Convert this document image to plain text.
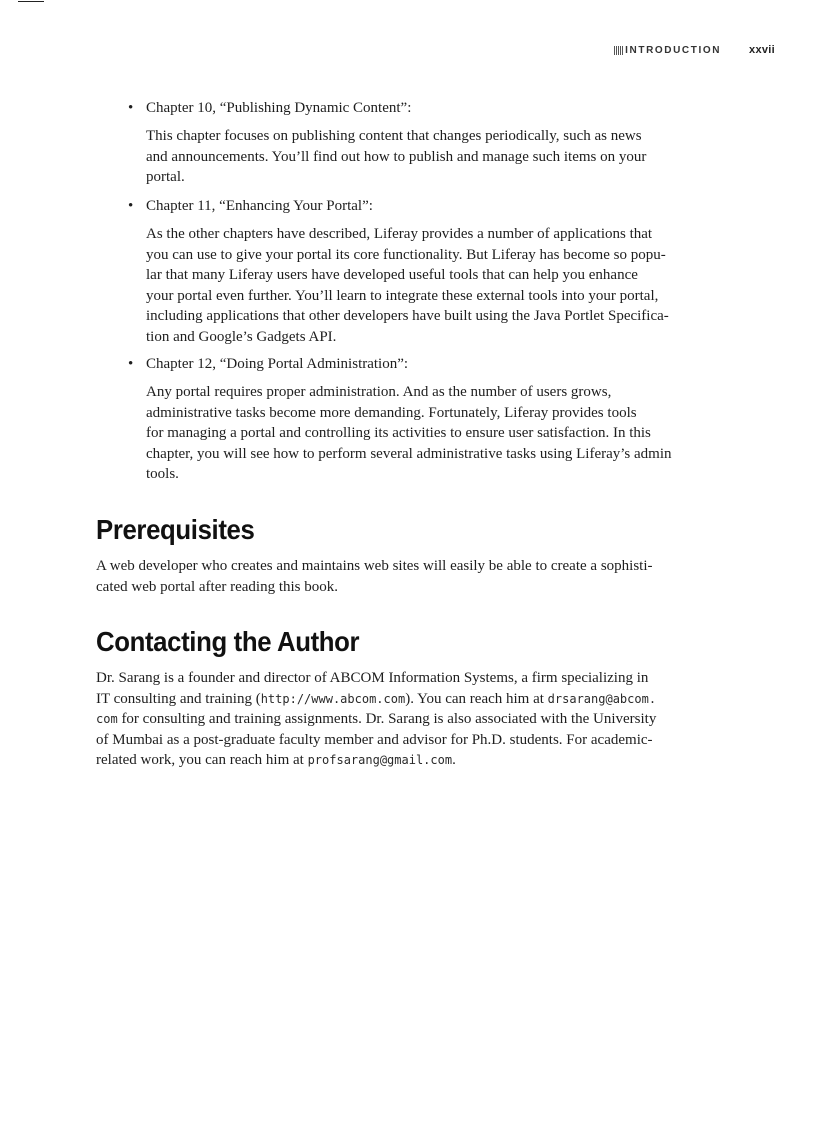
INTRODUCTION	xxvii
• Chapter 10, “Publishing Dynamic Content”:
This chapter focuses on publishing content that changes periodically, such as news
and announcements. You’ll find out how to publish and manage such items on your
portal.
• Chapter 11, “Enhancing Your Portal”:
As the other chapters have described, Liferay provides a number of applications that
you can use to give your portal its core functionality. But Liferay has become so popu-
lar that many Liferay users have developed useful tools that can help you enhance
your portal even further. You’ll learn to integrate these external tools into your portal,
including applications that other developers have built using the Java Portlet Specifica-
tion and Google’s Gadgets API.
• Chapter 12, “Doing Portal Administration”:
Any portal requires proper administration. And as the number of users grows,
administrative tasks become more demanding. Fortunately, Liferay provides tools
for managing a portal and controlling its activities to ensure user satisfaction. In this
chapter, you will see how to perform several administrative tasks using Liferay’s admin
tools.
Prerequisites
A web developer who creates and maintains web sites will easily be able to create a sophisti-
cated web portal after reading this book.
Contacting the Author
Dr. Sarang is a founder and director of ABCOM Information Systems, a firm specializing in
IT consulting and training (http://www.abcom.com). You can reach him at drsarang@abcom.
com for consulting and training assignments. Dr. Sarang is also associated with the University
of Mumbai as a post-graduate faculty member and advisor for Ph.D. students. For academic-
related work, you can reach him at profsarang@gmail.com.
